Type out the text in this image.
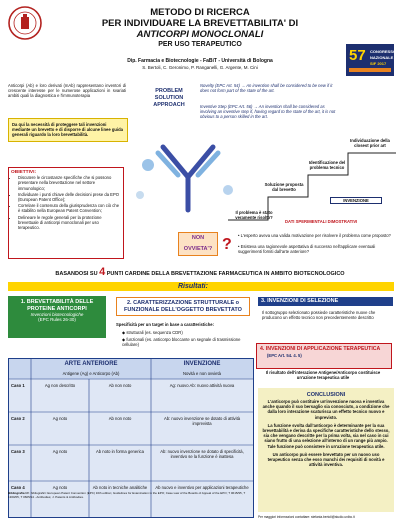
57 CONGRESSO
NAZIONALE
SIF 2017
METODO DI RICERCA
PER INDIVIDUARE LA BREVETTABILITA' DI
ANTICORPI MONOCLONALI
PER USO TERAPEUTICO
Dip. Farmacia e Biotecnologie - FaBiT - Università di Bologna
S. Bertoli, C. Geronimo, P. Ranganelli, G. Argente, M. Cini
Anticorpi (Ab) e loro derivati (mAb) rappresentano inventori di crescente interesse per le numerose applicazioni in svariati ambiti quali la diagnostica e l'immunoterapia
Da qui la necessità di proteggere tali invenzioni mediante un brevetto e di disporre di alcune linee guida generali riguardo la loro brevettabilità.
OBIETTIVI:
• Discutere le circostanze specifiche che si possono presentare nella brevettazione nel settore immunologico;
• Individuare i punti chiave delle decisioni prese da EPO (European Patent Office);
• Correlare il contenuto della giurisprudenza con ciò che è stabilito nella European Patent Convention;
• Delineare le regole generali per la protezione brevettuale di anticorpi monoclonali per uso terapeutico.
PROBLEM
SOLUTION
APPROACH
Novelty (EPC Art. 54) → An invention shall be considered to be new if it does not form part of the state of the art.
Inventive Step (EPC Art. 56) → An invention shall be considered as involving an inventive step if, having regard to the state of the art, it is not obvious to a person skilled in the art.
Individuazione della closest prior art
Identificazione del problema tecnico
Soluzione proposta dal brevetto
INVENZIONE
Il problema è stato veramente risolto?
DATI SPERIMENTALI DIMOSTRATIVI
NON OVVIETA'? ?
• L'esperto aveva una valida motivazione per risolvere il problema come proposto?
• Esisteva una ragionevole aspettativa di successo nell'applicare eventuali suggerimenti forniti dall'arte anteriore?
BASANDOSI SU 4 PUNTI CARDINE DELLA BREVETTAZIONE FARMACEUTICA IN AMBITO BIOTECNOLOGICO
Risultati:
1. BREVETTABILITÀ DELLE PROTEINE ANTICORPI
Invenzioni biotecnologiche
(EPC Rules 26-30)
2. CARATTERIZZAZIONE STRUTTURALE o FUNZIONALE DELL'OGGETTO BREVETTATO
Specificità per un target in base a caratteristiche:
◆ strutturali (es. sequenza CDR)
◆ funzionali (es. anticorpo bloccante un segnale di trasmissione cellulare)
3. INVENZIONI DI SELEZIONE
Il sottogruppo selezionato possiede caratteristiche nuove che producono un effetto tecnico non precedentemente descritto
4. INVENZIONI DI APPLICAZIONE TERAPEUTICA
(EPC Art. 54. 4. 5)
Il risultato dell'interazione Antigene/Anticorpo costituisce un'azione terapeutica utile
ARTE ANTERIORE	INVENZIONE
Antigene (Ag) e Anticorpo (Ab)	Novità e non ovvietà
Caso 1	Ag non descritto	Ab non noto	Ag: nuovo Ab: nuovo attività nuova
Caso 2	Ag noto	Ab non noto	Ab: nuovo invenzione se dotato di attività imprevista
Caso 3	Ag noto	Ab noto in forma generica	Ab: nuovo invenzione se dotato di specificità, inventivo se la funzione è inattesa
Caso 4	Ag noto	Ab noto in tecniche analitiche	Ab nuovo e inventivo per applicazioni terapeutiche
CONCLUSIONI
L'anticorpo può costituire un'invenzione nuova e inventiva anche quando il suo bersaglio sia conosciuto, a condizione che dalla loro interazione scaturisca un effetto tecnico nuovo e imprevisto.
La funzione svolta dall'anticorpo è determinante per la sua brevettabilità e deriva da specifiche caratteristiche dello stesso, sia che vengano descritte per la prima volta, sia nel caso in cui siano frutto di una selezione all'interno di un range più ampio. Tale funzione può consistere in un'azione terapeutica utile.
Un anticorpo può essere brevettato per un nuovo uso terapeutico senza che esso manchi dei requisiti di novità e attività inventiva.
Bibliografia Rif. bibliografici: European Patent Convention (EPC) 16th edition; Guidelines for Examination in the EPO; Case Law of the Boards of Appeal of the EPO; T 0615/95, T 1300/05, T 0605/14 - Antibodies; J. Patents & Antibodies.
Per maggiori informazioni contattare: stefania.bertoli@studio.unibo.it
